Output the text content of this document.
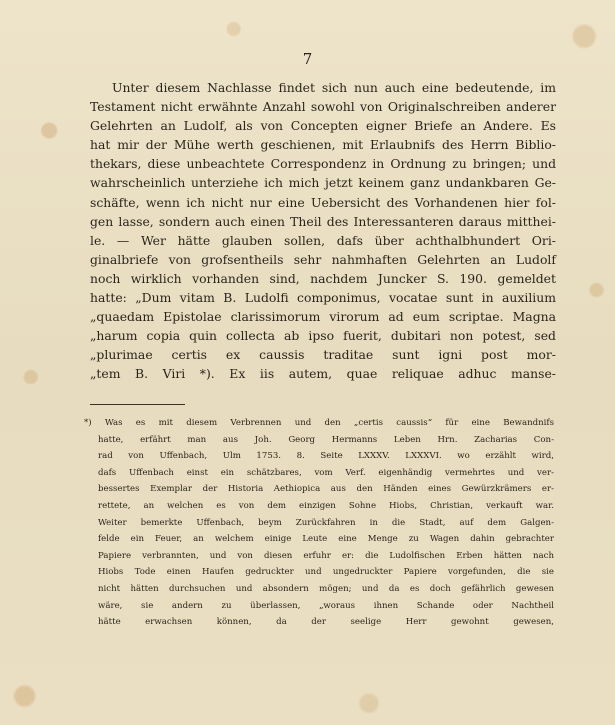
7
Unter diesem Nachlasse findet sich nun auch eine bedeutende, im
Testament nicht erwähnte Anzahl sowohl von Originalschreiben anderer
Gelehrten an Ludolf, als von Concepten eigner Briefe an Andere. Es
hat mir der Mühe werth geschienen, mit Erlaubnifs des Herrn Biblio-
thekars, diese unbeachtete Correspondenz in Ordnung zu bringen; und
wahrscheinlich unterziehe ich mich jetzt keinem ganz undankbaren Ge-
schäfte, wenn ich nicht nur eine Uebersicht des Vorhandenen hier fol-
gen lasse, sondern auch einen Theil des Interessanteren daraus mitthei-
le. — Wer hätte glauben sollen, dafs über achthalbhundert Ori-
ginalbriefe von grofsentheils sehr nahmhaften Gelehrten an Ludolf
noch wirklich vorhanden sind, nachdem Juncker S. 190. gemeldet
hatte: „Dum vitam B. Ludolfi componimus, vocatae sunt in auxilium
„quaedam Epistolae clarissimorum virorum ad eum scriptae. Magna
„harum copia quin collecta ab ipso fuerit, dubitari non potest, sed
„plurimae certis ex caussis traditae sunt igni post mor-
„tem B. Viri *). Ex iis autem, quae reliquae adhuc manse-
*) Was es mit diesem Verbrennen und den „certis caussis“ für eine Bewandnifs
hatte, erfährt man aus Joh. Georg Hermanns Leben Hrn. Zacharias Con-
rad von Uffenbach, Ulm 1753. 8. Seite LXXXV. LXXXVI. wo erzählt wird,
dafs Uffenbach einst ein schätzbares, vom Verf. eigenhändig vermehrtes und ver-
bessertes Exemplar der Historia Aethiopica aus den Händen eines Gewürzkrämers er-
rettete, an welchen es von dem einzigen Sohne Hiobs, Christian, verkauft war.
Weiter bemerkte Uffenbach, beym Zurückfahren in die Stadt, auf dem Galgen-
felde ein Feuer, an welchem einige Leute eine Menge zu Wagen dahin gebrachter
Papiere verbrannten, und von diesen erfuhr er: die Ludolfischen Erben hätten nach
Hiobs Tode einen Haufen gedruckter und ungedruckter Papiere vorgefunden, die sie
nicht hätten durchsuchen und absondern mögen; und da es doch gefährlich gewesen
wäre, sie andern zu überlassen, „woraus ihnen Schande oder Nachtheil
hätte erwachsen können, da der seelige Herr gewohnt gewesen,
